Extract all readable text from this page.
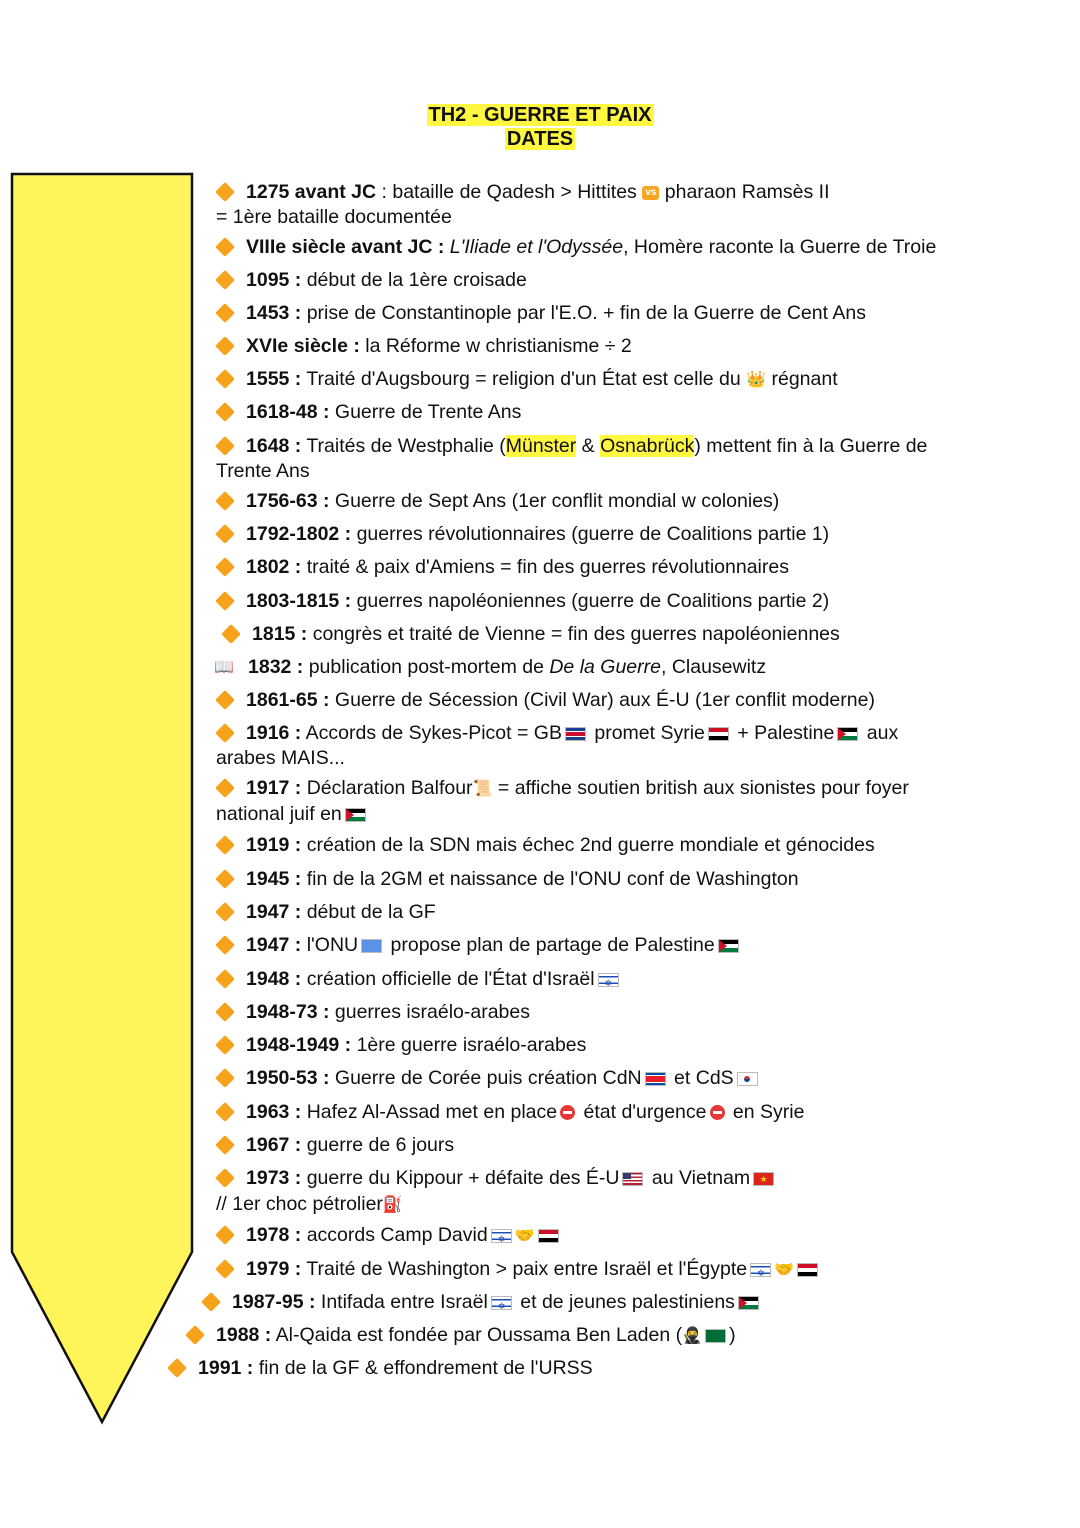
TH2 - GUERRE ET PAIX
DATES
1275 avant JC : bataille de Qadesh > Hittites vs pharaon Ramsès II
= 1ère bataille documentée
VIIIe siècle avant JC : L'Iliade et l'Odyssée, Homère raconte la Guerre de Troie
1095 : début de la 1ère croisade
1453 : prise de Constantinople par l'E.O. + fin de la Guerre de Cent Ans
XVIe siècle : la Réforme w christianisme ÷ 2
1555 : Traité d'Augsbourg = religion d'un État est celle du 👑 régnant
1618-48 : Guerre de Trente Ans
1648 : Traités de Westphalie (Münster & Osnabrück) mettent fin à la Guerre de
Trente Ans
1756-63 : Guerre de Sept Ans (1er conflit mondial w colonies)
1792-1802 : guerres révolutionnaires (guerre de Coalitions partie 1)
1802 : traité & paix d'Amiens = fin des guerres révolutionnaires
1803-1815 : guerres napoléoniennes (guerre de Coalitions partie 2)
1815 : congrès et traité de Vienne = fin des guerres napoléoniennes
📖 1832 : publication post-mortem de De la Guerre, Clausewitz
1861-65 : Guerre de Sécession (Civil War) aux É-U (1er conflit moderne)
1916 : Accords de Sykes-Picot = GB promet Syrie + Palestine aux
arabes MAIS...
1917 : Déclaration Balfour📜 = affiche soutien british aux sionistes pour foyer
national juif en
1919 : création de la SDN mais échec 2nd guerre mondiale et génocides
1945 : fin de la 2GM et naissance de l'ONU conf de Washington
1947 : début de la GF
1947 : l'ONU propose plan de partage de Palestine
1948 : création officielle de l'État d'Israël✡
1948-73 : guerres israélo-arabes
1948-1949 : 1ère guerre israélo-arabes
1950-53 : Guerre de Corée puis création CdN et CdS
1963 : Hafez Al-Assad met en place état d'urgence en Syrie
1967 : guerre de 6 jours
1973 : guerre du Kippour + défaite des É-U au Vietnam ★
// 1er choc pétrolier⛽
1978 : accords Camp David ✡ 🤝
1979 : Traité de Washington > paix entre Israël et l'Égypte ✡ 🤝
1987-95 : Intifada entre Israël✡ et de jeunes palestiniens
1988 : Al-Qaida est fondée par Oussama Ben Laden (🥷 )
1991 : fin de la GF & effondrement de l'URSS
